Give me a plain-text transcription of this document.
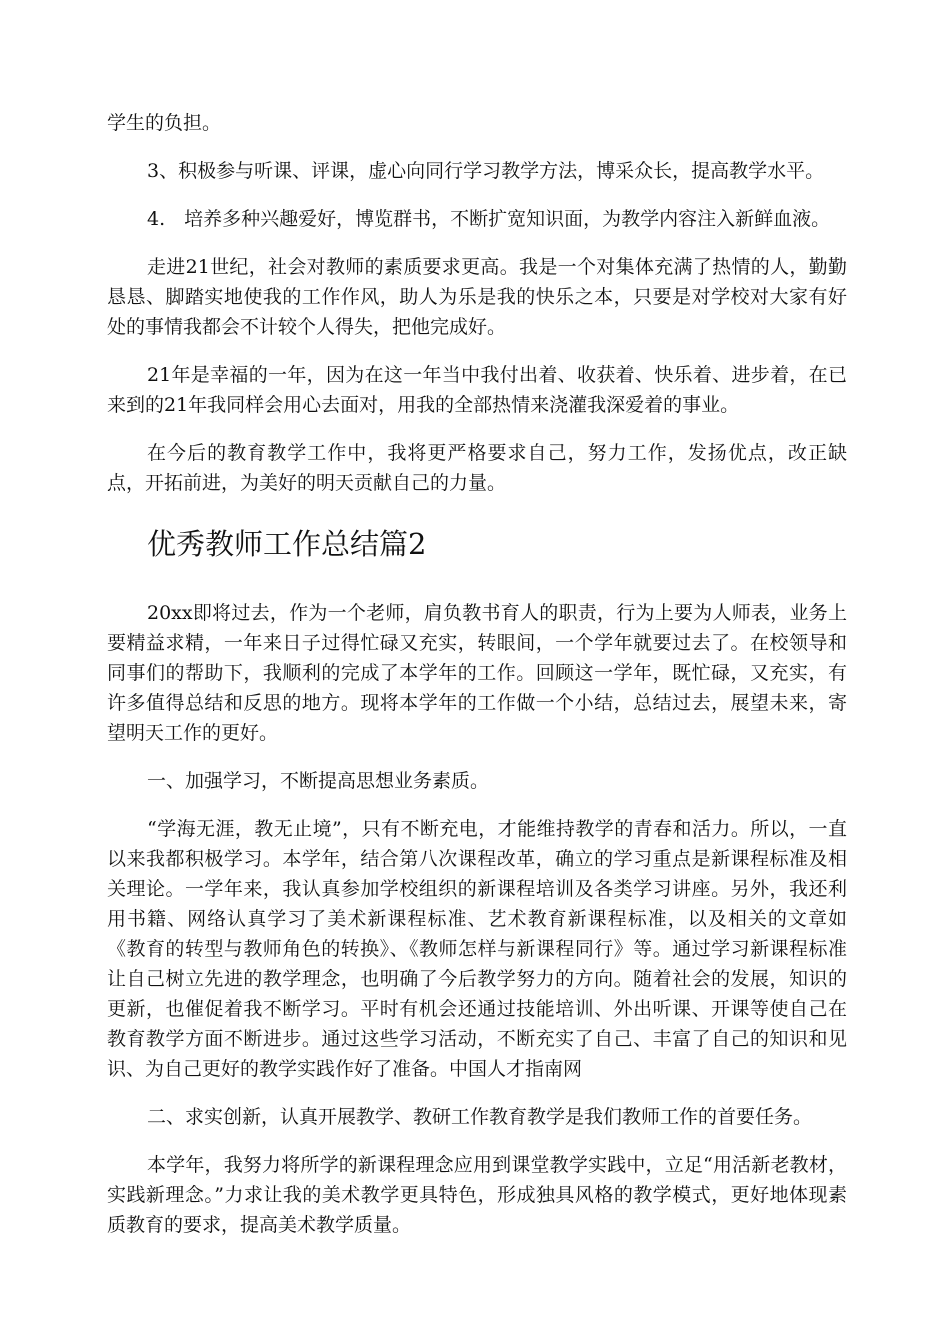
学生的负担。

3、积极参与听课、评课，虚心向同行学习教学方法，博采众长，提高教学水平。

4.　培养多种兴趣爱好，博览群书，不断扩宽知识面，为教学内容注入新鲜血液。

走进21世纪，社会对教师的素质要求更高。我是一个对集体充满了热情的人，勤勤恳恳、脚踏实地使我的工作作风，助人为乐是我的快乐之本，只要是对学校对大家有好处的事情我都会不计较个人得失，把他完成好。

21年是幸福的一年，因为在这一年当中我付出着、收获着、快乐着、进步着，在已来到的21年我同样会用心去面对，用我的全部热情来浇灌我深爱着的事业。

在今后的教育教学工作中，我将更严格要求自己，努力工作，发扬优点，改正缺点，开拓前进，为美好的明天贡献自己的力量。

优秀教师工作总结篇2

20xx即将过去，作为一个老师，肩负教书育人的职责，行为上要为人师表，业务上要精益求精，一年来日子过得忙碌又充实，转眼间，一个学年就要过去了。在校领导和同事们的帮助下，我顺利的完成了本学年的工作。回顾这一学年，既忙碌，又充实，有许多值得总结和反思的地方。现将本学年的工作做一个小结，总结过去，展望未来，寄望明天工作的更好。

一、加强学习，不断提高思想业务素质。

“学海无涯，教无止境”，只有不断充电，才能维持教学的青春和活力。所以，一直以来我都积极学习。本学年，结合第八次课程改革，确立的学习重点是新课程标准及相关理论。一学年来，我认真参加学校组织的新课程培训及各类学习讲座。另外，我还利用书籍、网络认真学习了美术新课程标准、艺术教育新课程标准，以及相关的文章如《教育的转型与教师角色的转换》、《教师怎样与新课程同行》等。通过学习新课程标准让自己树立先进的教学理念，也明确了今后教学努力的方向。随着社会的发展，知识的更新，也催促着我不断学习。平时有机会还通过技能培训、外出听课、开课等使自己在教育教学方面不断进步。通过这些学习活动，不断充实了自己、丰富了自己的知识和见识、为自己更好的教学实践作好了准备。中国人才指南网

二、求实创新，认真开展教学、教研工作教育教学是我们教师工作的首要任务。

本学年，我努力将所学的新课程理念应用到课堂教学实践中，立足“用活新老教材，实践新理念。”力求让我的美术教学更具特色，形成独具风格的教学模式，更好地体现素质教育的要求，提高美术教学质量。
